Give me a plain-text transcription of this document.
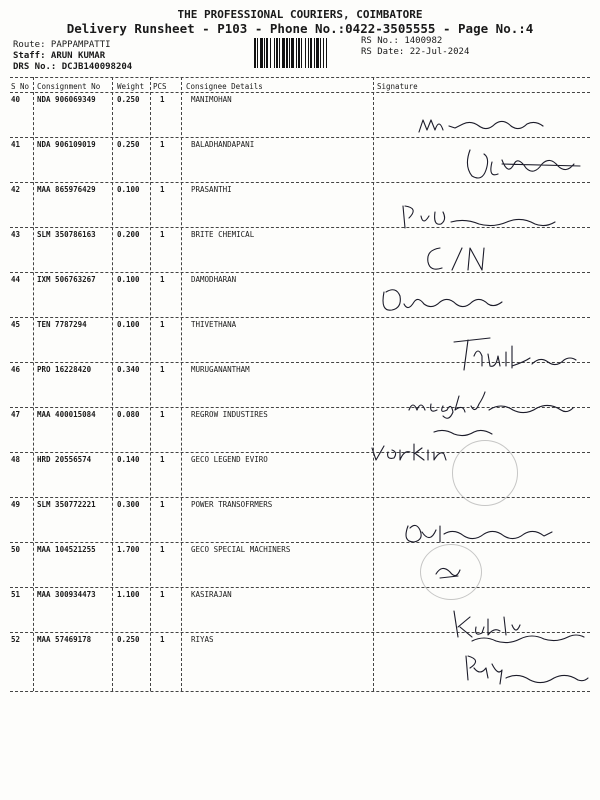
THE PROFESSIONAL COURIERS, COIMBATORE
Delivery Runsheet - P103 - Phone No.:0422-3505555 - Page No.:4
Route: PAPPAMPATTI
Staff: ARUN KUMAR
DRS No.: DCJB140098204
RS No.: 1400982
RS Date: 22-Jul-2024
S No Consignment No Weight PCS	Consignee Details	Signature
40 NDA 906069349	0.250	1	MANIMOHAN
41 NDA 906109019	0.250	1	BALADHANDAPANI
42 MAA 865976429	0.100	1	PRASANTHI
43 SLM 350786163	0.200	1	BRITE CHEMICAL
44 IXM 506763267	0.100	1	DAMODHARAN
45 TEN 7787294	0.100	1	THIVETHANA
46 PRO 16228420	0.340	1	MURUGANANTHAM
47 MAA 400015084	0.080	1	REGROW INDUSTIRES
48 HRD 20556574	0.140	1	GECO LEGEND EVIRO
49 SLM 350772221	0.300	1	POWER TRANSOFRMERS
50 MAA 104521255	1.700	1	GECO SPECIAL MACHINERS
51 MAA 300934473	1.100	1	KASIRAJAN
52 MAA 57469178	0.250	1	RIYAS
